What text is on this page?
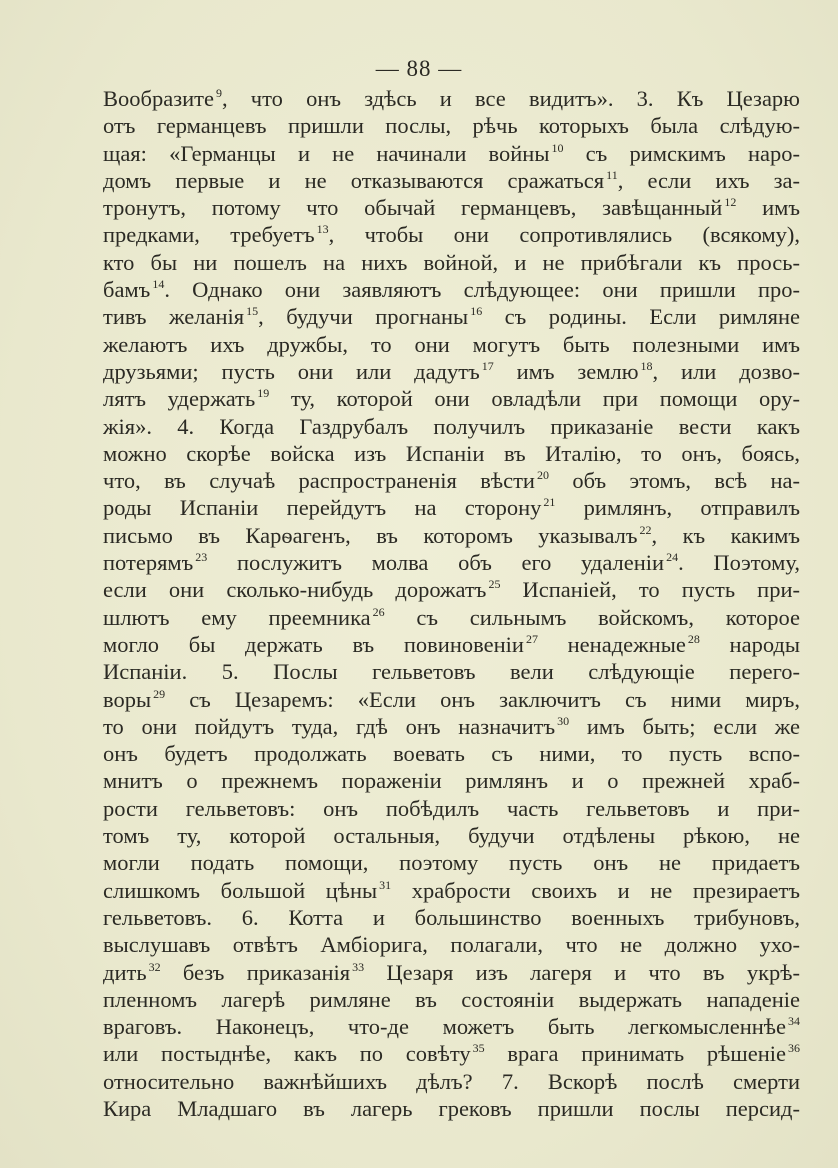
— 88 —
Вообразите $^9$, что онъ здѣсь и все видитъ». 3. Къ Цезарю
отъ германцевъ пришли послы, рѣчь которыхъ была слѣдую-
щая: «Германцы и не начинали войны $^{10}$ съ римскимъ наро-
домъ первые и не отказываются сражаться $^{11}$, если ихъ за-
тронутъ, потому что обычай германцевъ, завѣщанный $^{12}$ имъ
предками, требуетъ $^{13}$, чтобы они сопротивлялись (всякому),
кто бы ни пошелъ на нихъ войной, и не прибѣгали къ прось-
бамъ $^{14}$. Однако они заявляютъ слѣдующее: они пришли про-
тивъ желанія $^{15}$, будучи прогнаны $^{16}$ съ родины. Если римляне
желаютъ ихъ дружбы, то они могутъ быть полезными имъ
друзьями; пусть они или дадутъ $^{17}$ имъ землю $^{18}$, или дозво-
лятъ удержать $^{19}$ ту, которой они овладѣли при помощи ору-
жія». 4. Когда Газдрубалъ получилъ приказаніе вести какъ
можно скорѣе войска изъ Испаніи въ Италію, то онъ, боясь,
что, въ случаѣ распространенія вѣсти $^{20}$ объ этомъ, всѣ на-
роды Испаніи перейдутъ на сторону $^{21}$ римлянъ, отправилъ
письмо въ Карѳагенъ, въ которомъ указывалъ $^{22}$, къ какимъ
потерямъ $^{23}$ послужитъ молва объ его удаленіи $^{24}$. Поэтому,
если они сколько-нибудь дорожатъ $^{25}$ Испаніей, то пусть при-
шлютъ ему преемника $^{26}$ съ сильнымъ войскомъ, которое
могло бы держать въ повиновеніи $^{27}$ ненадежные $^{28}$ народы
Испаніи. 5. Послы гельветовъ вели слѣдующіе перего-
воры $^{29}$ съ Цезаремъ: «Если онъ заключитъ съ ними миръ,
то они пойдутъ туда, гдѣ онъ назначитъ $^{30}$ имъ быть; если же
онъ будетъ продолжать воевать съ ними, то пусть вспо-
мнитъ о прежнемъ пораженіи римлянъ и о прежней храб-
рости гельветовъ: онъ побѣдилъ часть гельветовъ и при-
томъ ту, которой остальныя, будучи отдѣлены рѣкою, не
могли подать помощи, поэтому пусть онъ не придаетъ
слишкомъ большой цѣны $^{31}$ храбрости своихъ и не презираетъ
гельветовъ. 6. Котта и большинство военныхъ трибуновъ,
выслушавъ отвѣтъ Амбіорига, полагали, что не должно ухо-
дить $^{32}$ безъ приказанія $^{33}$ Цезаря изъ лагеря и что въ укрѣ-
пленномъ лагерѣ римляне въ состояніи выдержать нападеніе
враговъ. Наконецъ, что-де можетъ быть легкомысленнѣе $^{34}$
или постыднѣе, какъ по совѣту $^{35}$ врага принимать рѣшеніе $^{36}$
относительно важнѣйшихъ дѣлъ? 7. Вскорѣ послѣ смерти
Кира Младшаго въ лагерь грековъ пришли послы персид-
